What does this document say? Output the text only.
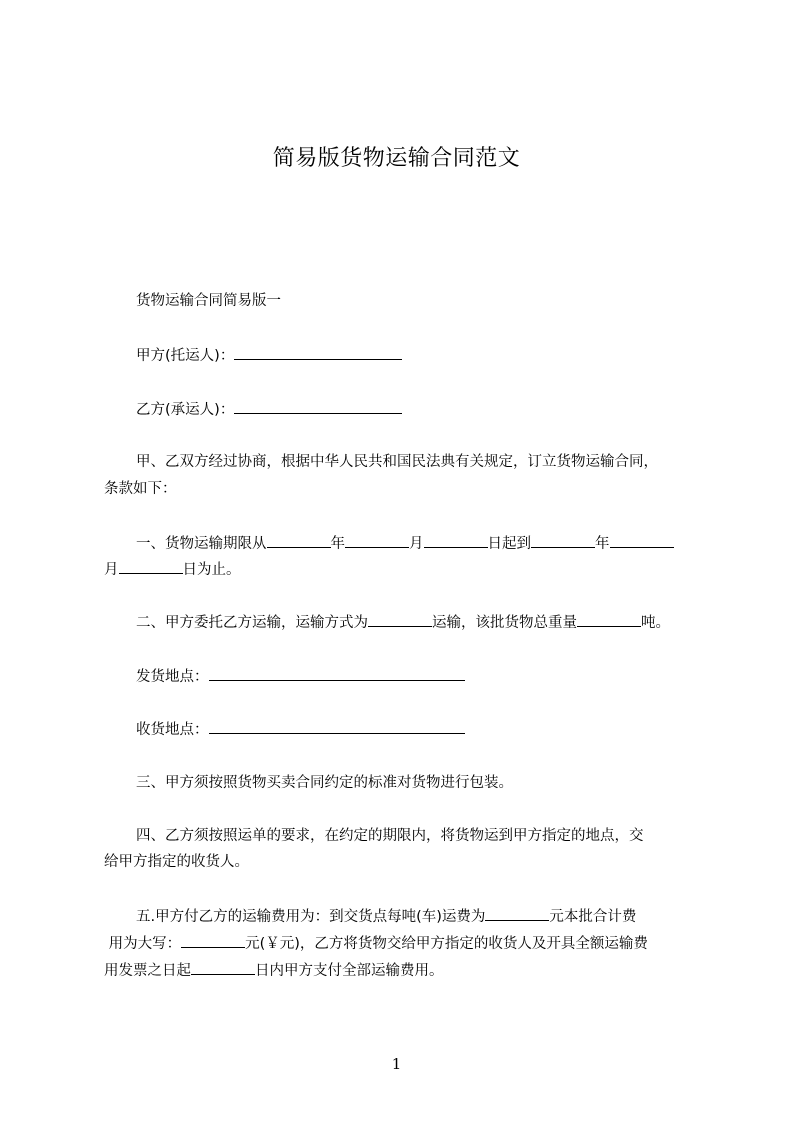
简易版货物运输合同范文

货物运输合同简易版一

甲方(托运人)：

乙方(承运人)：

甲、乙双方经过协商，根据中华人民共和国民法典有关规定，订立货物运输合同，

条款如下：

一、货物运输期限从	年	月	日起到	年

月	日为止。

二、甲方委托乙方运输，运输方式为	运输，该批货物总重量	吨。

发货地点：

收货地点：

三、甲方须按照货物买卖合同约定的标准对货物进行包装。

四、乙方须按照运单的要求，在约定的期限内，将货物运到甲方指定的地点，交

给甲方指定的收货人。

五.甲方付乙方的运输费用为：到交货点每吨(车)运费为	元本批合计费

用为大写：	元(￥元)，乙方将货物交给甲方指定的收货人及开具全额运输费

用发票之日起	日内甲方支付全部运输费用。

1
